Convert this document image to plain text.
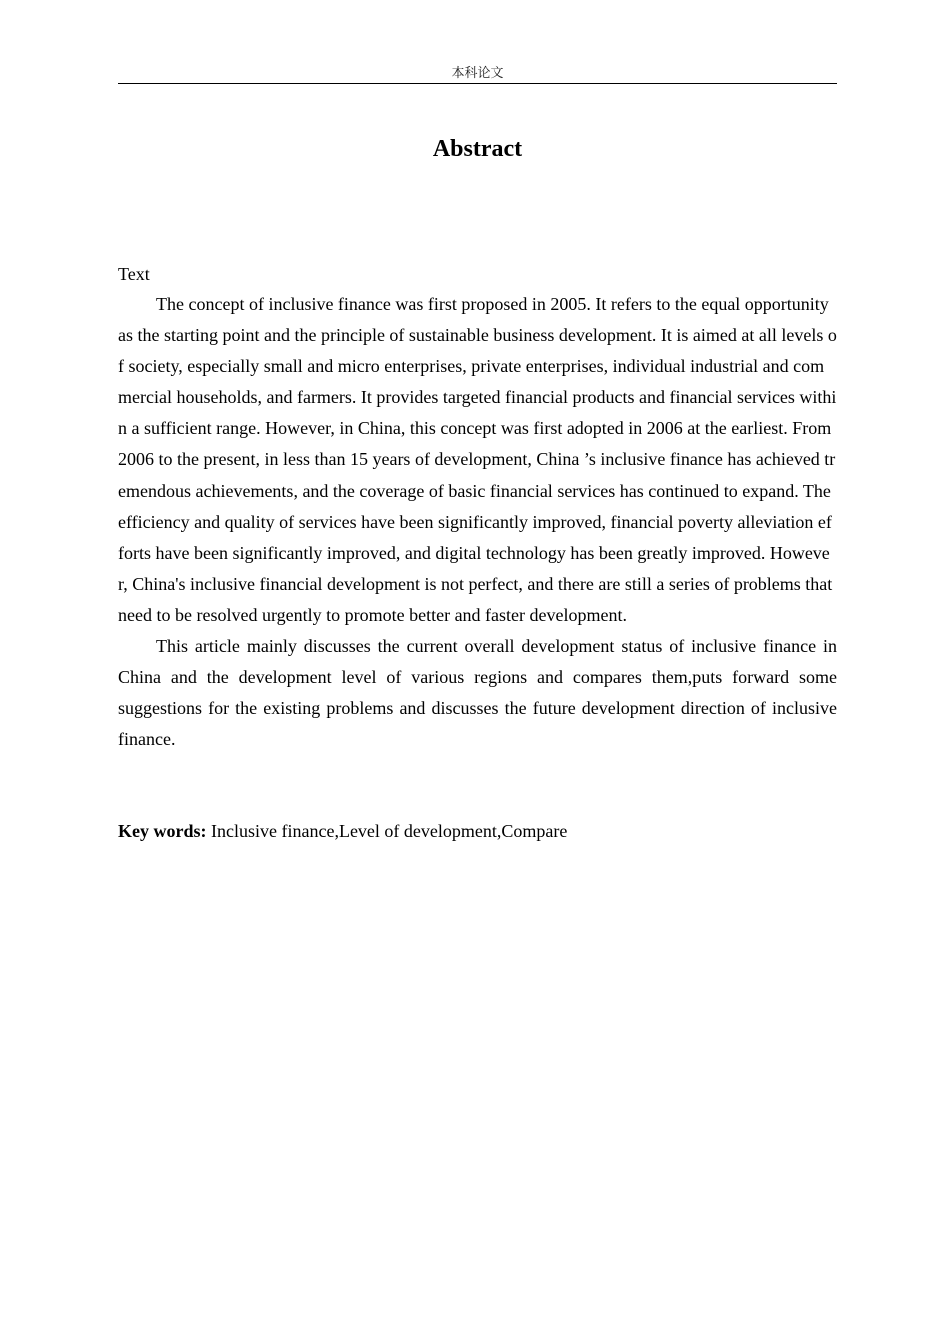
本科论文
Abstract
Text

The concept of inclusive finance was first proposed in 2005. It refers to the equal opportunity as the starting point and the principle of sustainable business development. It is aimed at all levels of society, especially small and micro enterprises, private enterprises, individual industrial and commercial households, and farmers. It provides targeted financial products and financial services within a sufficient range. However, in China, this concept was first adopted in 2006 at the earliest. From 2006 to the present, in less than 15 years of development, China ’s inclusive finance has achieved tremendous achievements, and the coverage of basic financial services has continued to expand. The efficiency and quality of services have been significantly improved, financial poverty alleviation efforts have been significantly improved, and digital technology has been greatly improved. However, China's inclusive financial development is not perfect, and there are still a series of problems that need to be resolved urgently to promote better and faster development.

This article mainly discusses the current overall development status of inclusive finance in China and the development level of various regions and compares them,puts forward some suggestions for the existing problems and discusses the future development direction of inclusive finance.

Key words: Inclusive finance,Level of development,Compare
